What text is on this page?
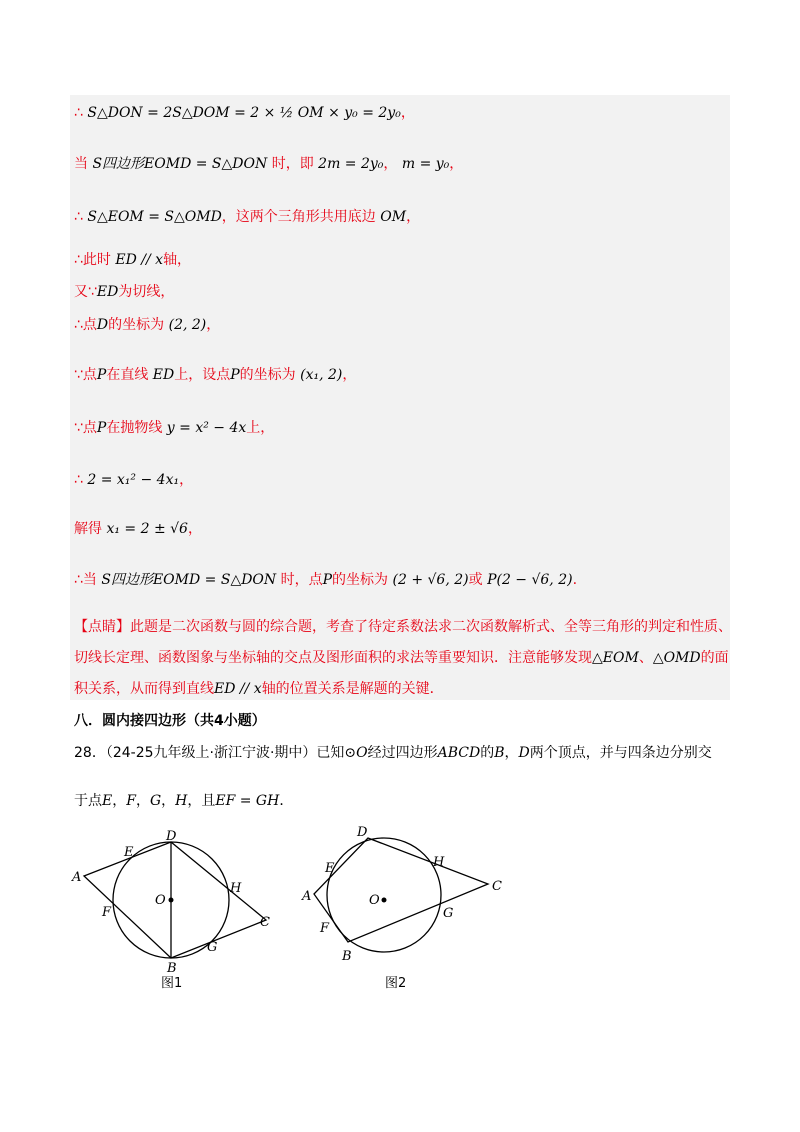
∴ S△DON = 2S△DOM = 2 × ½ OM × y₀ = 2y₀，
当 S四边形EOMD = S△DON 时，即 2m = 2y₀， m = y₀，
∴ S△EOM = S△OMD，这两个三角形共用底边 OM，
∴此时 ED // x轴，
又∵ED为切线，
∴点D的坐标为 (2, 2)，
∵点P在直线 ED上，设点P的坐标为 (x₁, 2)，
∵点P在抛物线 y = x² − 4x上，
∴ 2 = x₁² − 4x₁，
解得 x₁ = 2 ± √6，
∴当 S四边形EOMD = S△DON 时，点P的坐标为 (2 + √6, 2)或 P(2 − √6, 2).
【点睛】此题是二次函数与圆的综合题，考查了待定系数法求二次函数解析式、全等三角形的判定和性质、切线长定理、函数图象与坐标轴的交点及图形面积的求法等重要知识．注意能够发现△EOM、△OMD的面积关系，从而得到直线ED // x轴的位置关系是解题的关键．
八．圆内接四边形（共4小题）
28．（24-25九年级上·浙江宁波·期中）已知⊙O经过四边形ABCD的B，D两个顶点，并与四条边分别交
于点E，F，G，H，且EF = GH．
A
B
C
D
E
F
G
H
O
图1
A
B
C
D
E
F
G
H
O
图2
